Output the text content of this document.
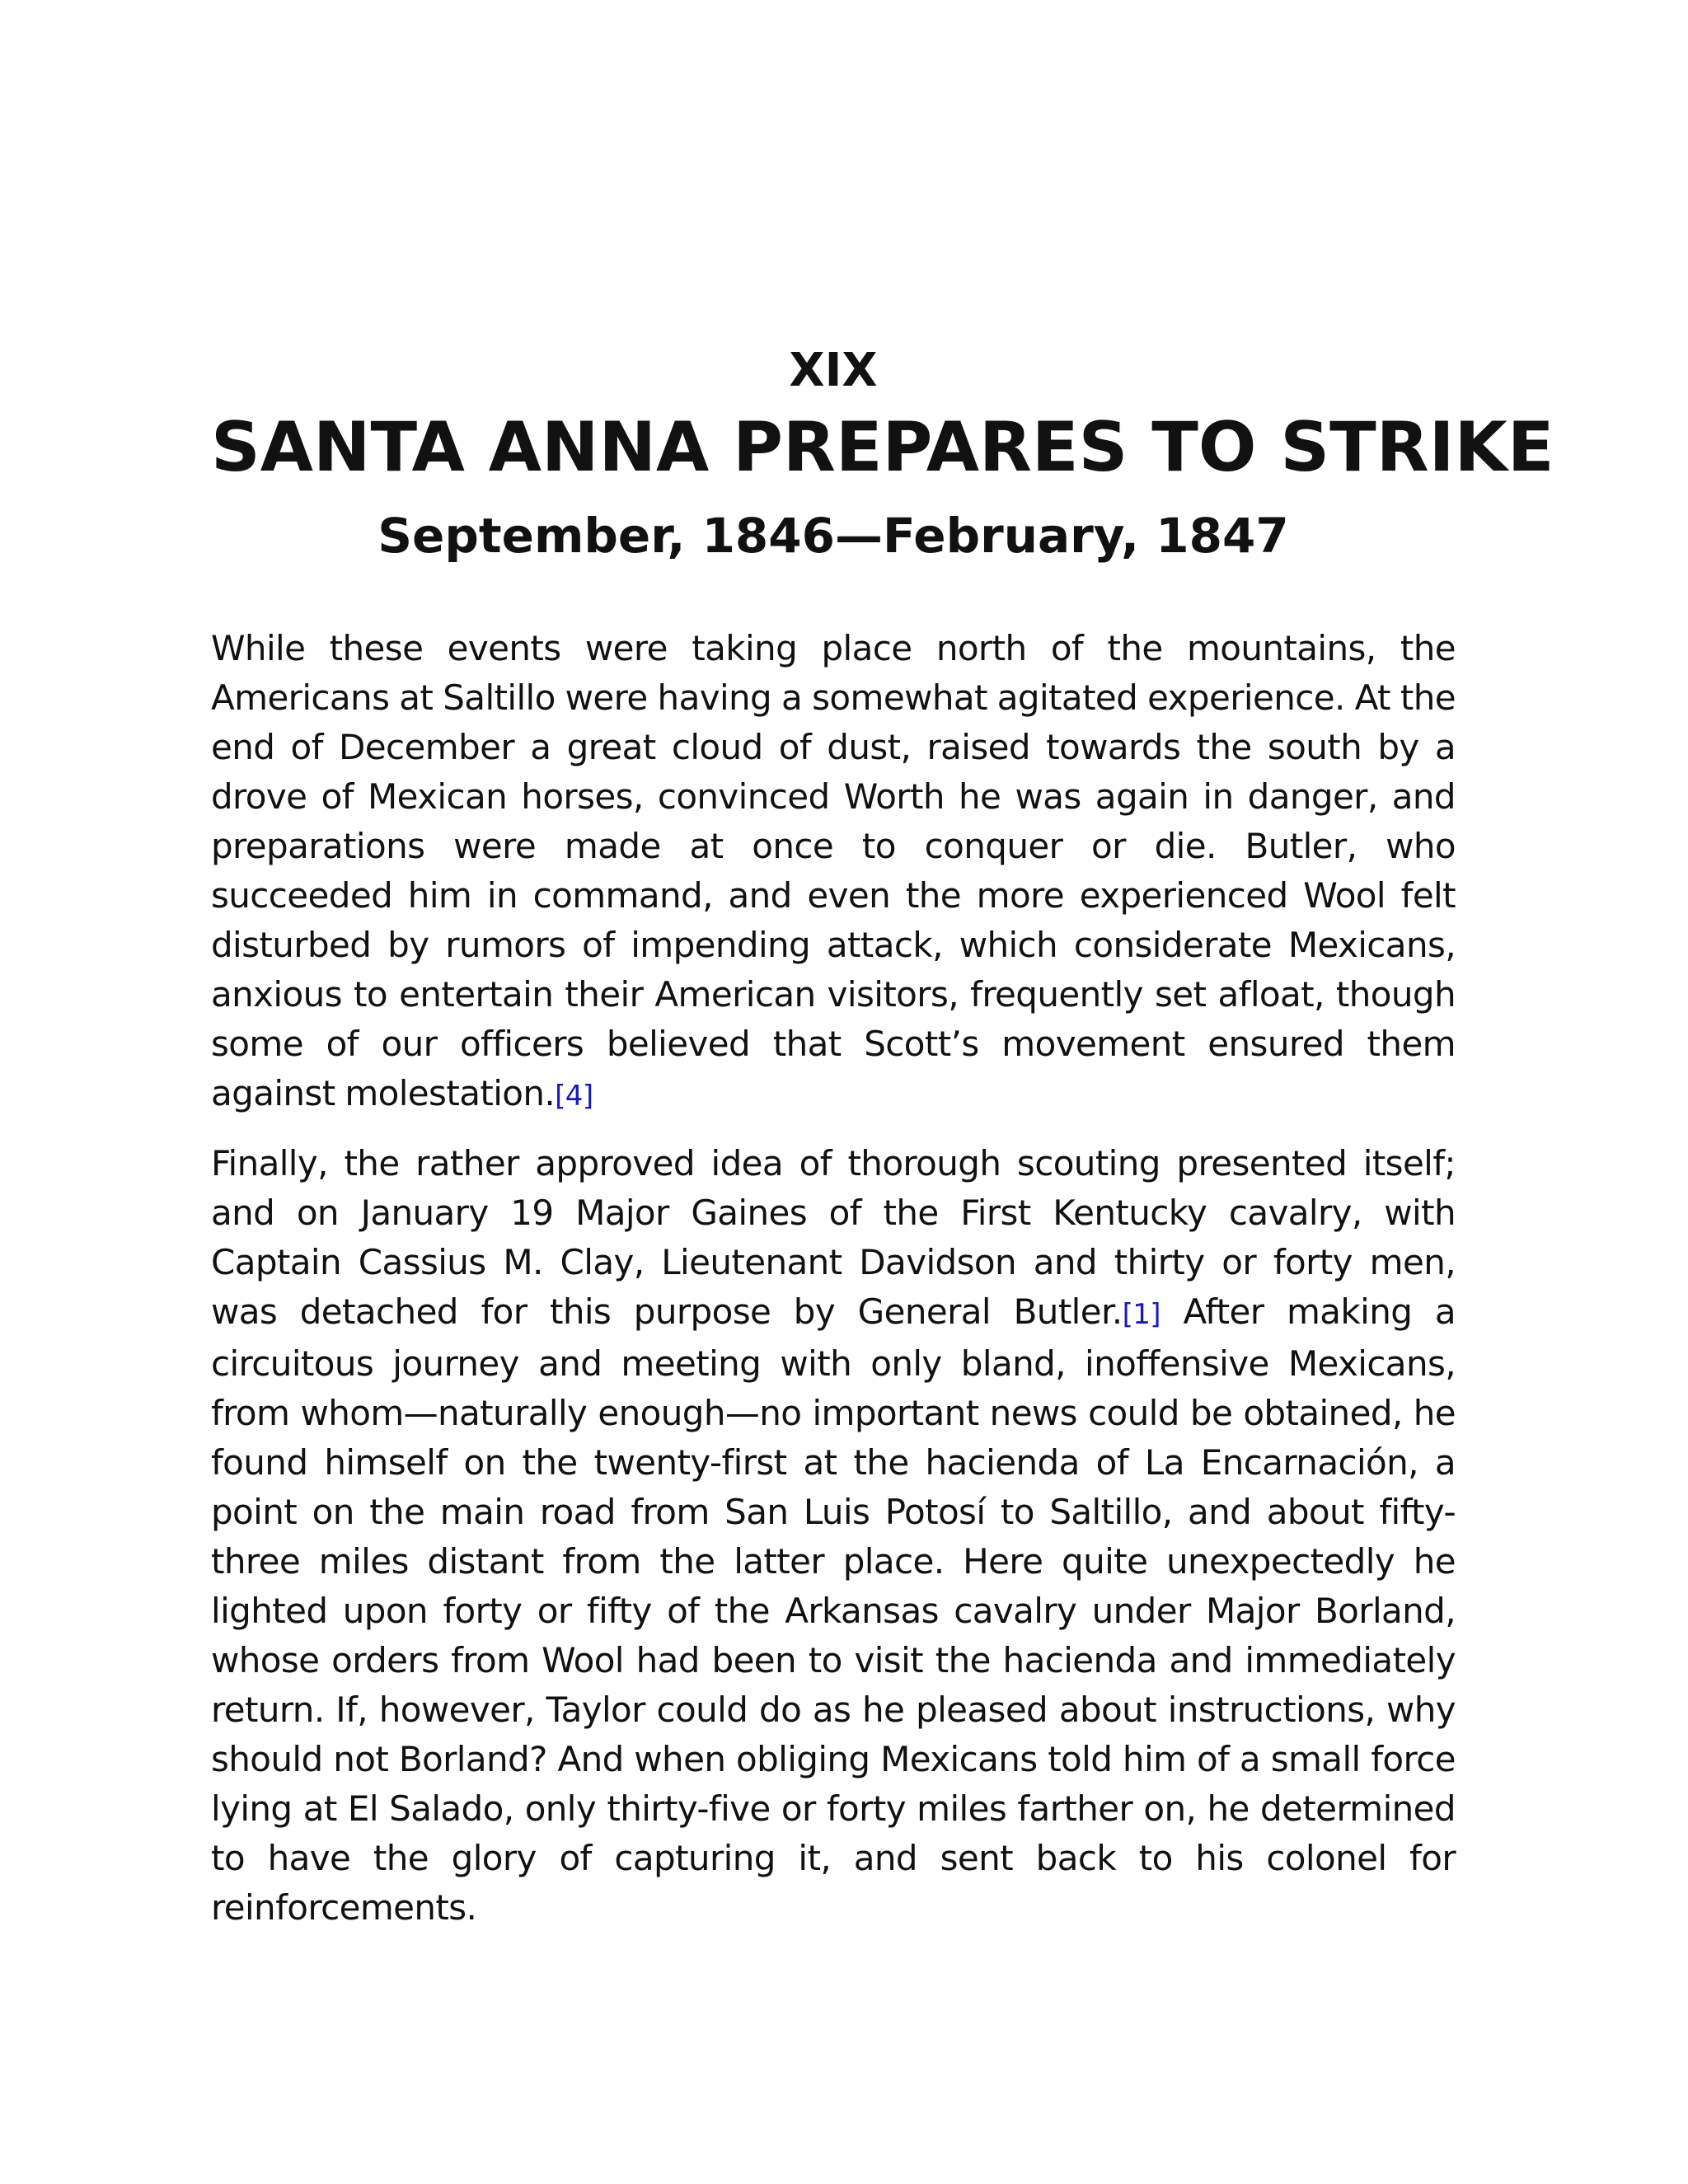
XIX
SANTA ANNA PREPARES TO STRIKE
September, 1846—February, 1847

While these events were taking place north of the mountains, the Americans at Saltillo were having a somewhat agitated experience. At the end of December a great cloud of dust, raised towards the south by a drove of Mexican horses, convinced Worth he was again in danger, and preparations were made at once to conquer or die. Butler, who succeeded him in command, and even the more experienced Wool felt disturbed by rumors of impending attack, which considerate Mexicans, anxious to entertain their American visitors, frequently set afloat, though some of our officers believed that Scott’s movement ensured them against molestation.[4]

Finally, the rather approved idea of thorough scouting presented itself; and on January 19 Major Gaines of the First Kentucky cavalry, with Captain Cassius M. Clay, Lieutenant Davidson and thirty or forty men, was detached for this purpose by General Butler.[1] After making a circuitous journey and meeting with only bland, inoffensive Mexicans, from whom—naturally enough—no important news could be obtained, he found himself on the twenty-first at the hacienda of La Encarnación, a point on the main road from San Luis Potosí to Saltillo, and about fifty-three miles distant from the latter place. Here quite unexpectedly he lighted upon forty or fifty of the Arkansas cavalry under Major Borland, whose orders from Wool had been to visit the hacienda and immediately return. If, however, Taylor could do as he pleased about instructions, why should not Borland? And when obliging Mexicans told him of a small force lying at El Salado, only thirty-five or forty miles farther on, he determined to have the glory of capturing it, and sent back to his colonel for reinforcements.
